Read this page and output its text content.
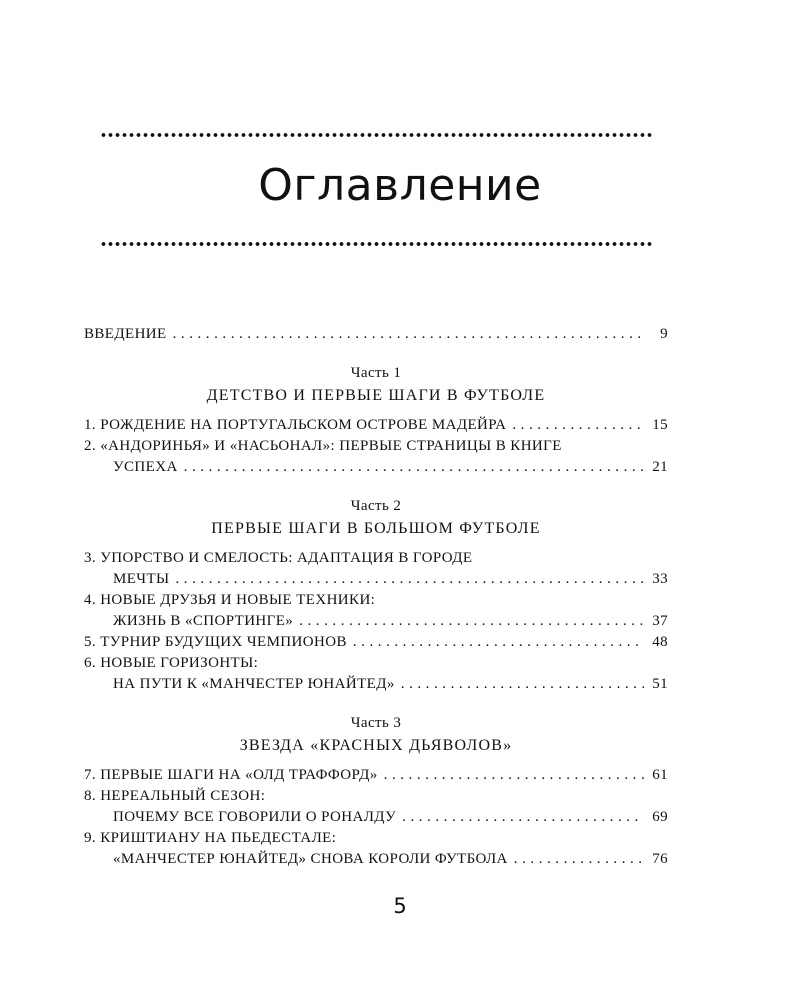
Оглавление
ВВЕДЕНИЕ . . .	9
Часть 1
ДЕТСТВО И ПЕРВЫЕ ШАГИ В ФУТБОЛЕ
1. РОЖДЕНИЕ НА ПОРТУГАЛЬСКОМ ОСТРОВЕ МАДЕЙРА . . .	15
2. «АНДОРИНЬЯ» И «НАСЬОНАЛ»: ПЕРВЫЕ СТРАНИЦЫ В КНИГЕ
УСПЕХА . . .	21
Часть 2
ПЕРВЫЕ ШАГИ В БОЛЬШОМ ФУТБОЛЕ
3. УПОРСТВО И СМЕЛОСТЬ: АДАПТАЦИЯ В ГОРОДЕ
МЕЧТЫ . . .	33
4. НОВЫЕ ДРУЗЬЯ И НОВЫЕ ТЕХНИКИ:
ЖИЗНЬ В «СПОРТИНГЕ» . . .	37
5. ТУРНИР БУДУЩИХ ЧЕМПИОНОВ . . .	48
6. НОВЫЕ ГОРИЗОНТЫ:
НА ПУТИ К «МАНЧЕСТЕР ЮНАЙТЕД» . . .	51
Часть 3
ЗВЕЗДА «КРАСНЫХ ДЬЯВОЛОВ»
7. ПЕРВЫЕ ШАГИ НА «ОЛД ТРАФФОРД» . . .	61
8. НЕРЕАЛЬНЫЙ СЕЗОН:
ПОЧЕМУ ВСЕ ГОВОРИЛИ О РОНАЛДУ . . .	69
9. КРИШТИАНУ НА ПЬЕДЕСТАЛЕ:
«МАНЧЕСТЕР ЮНАЙТЕД» СНОВА КОРОЛИ ФУТБОЛА . . .	76
5
